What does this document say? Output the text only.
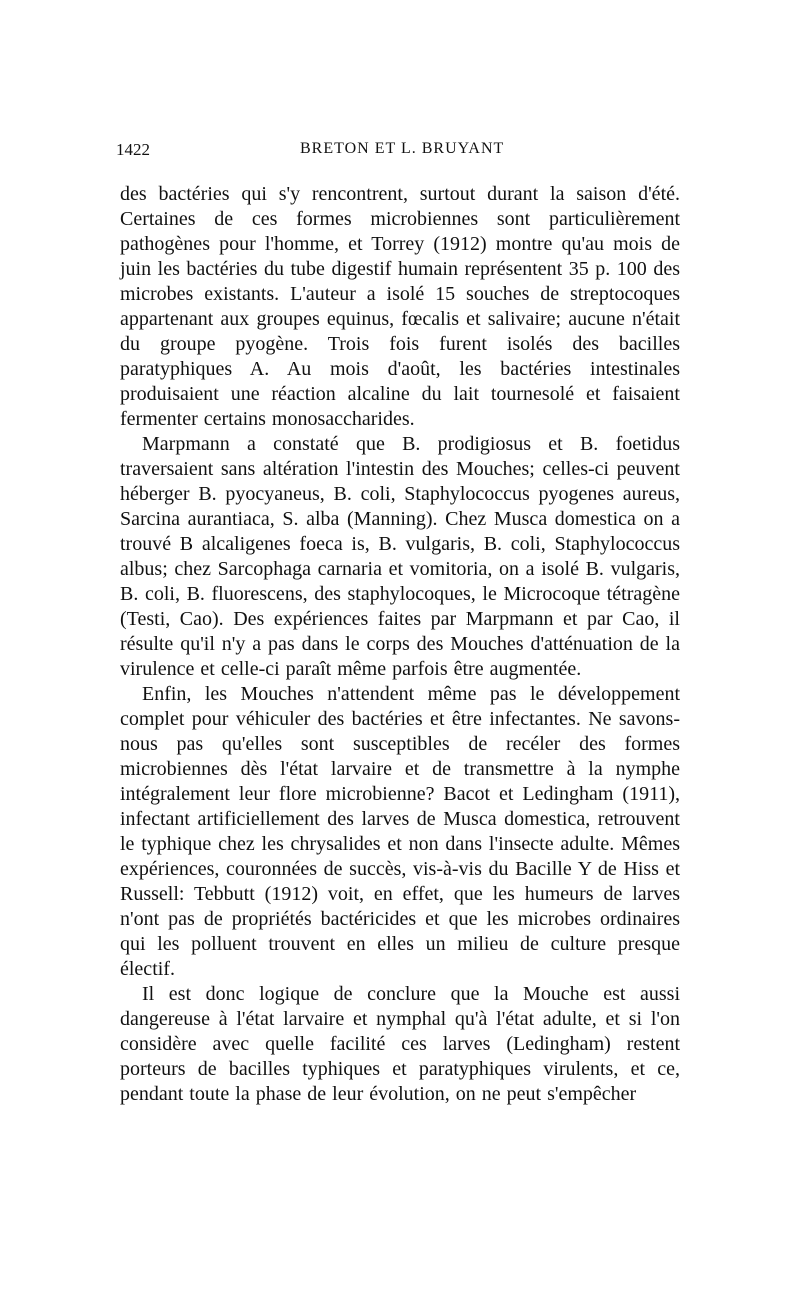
1422	BRETON ET L. BRUYANT

des bactéries qui s'y rencontrent, surtout durant la saison d'été. Certaines de ces formes microbiennes sont particulièrement pathogènes pour l'homme, et Torrey (1912) montre qu'au mois de juin les bactéries du tube digestif humain représentent 35 p. 100 des microbes existants. L'auteur a isolé 15 souches de streptocoques appartenant aux groupes equinus, fœcalis et salivaire; aucune n'était du groupe pyogène. Trois fois furent isolés des bacilles paratyphiques A. Au mois d'août, les bactéries intestinales produisaient une réaction alcaline du lait tournesolé et faisaient fermenter certains monosaccharides.

Marpmann a constaté que B. prodigiosus et B. foetidus traversaient sans altération l'intestin des Mouches; celles-ci peuvent héberger B. pyocyaneus, B. coli, Staphylococcus pyogenes aureus, Sarcina aurantiaca, S. alba (Manning). Chez Musca domestica on a trouvé B alcaligenes foeca is, B. vulgaris, B. coli, Staphylococcus albus; chez Sarcophaga carnaria et vomitoria, on a isolé B. vulgaris, B. coli, B. fluorescens, des staphylocoques, le Microcoque tétragène (Testi, Cao). Des expériences faites par Marpmann et par Cao, il résulte qu'il n'y a pas dans le corps des Mouches d'atténuation de la virulence et celle-ci paraît même parfois être augmentée.

Enfin, les Mouches n'attendent même pas le développement complet pour véhiculer des bactéries et être infectantes. Ne savons-nous pas qu'elles sont susceptibles de recéler des formes microbiennes dès l'état larvaire et de transmettre à la nymphe intégralement leur flore microbienne? Bacot et Ledingham (1911), infectant artificiellement des larves de Musca domestica, retrouvent le typhique chez les chrysalides et non dans l'insecte adulte. Mêmes expériences, couronnées de succès, vis-à-vis du Bacille Y de Hiss et Russell: Tebbutt (1912) voit, en effet, que les humeurs de larves n'ont pas de propriétés bactéricides et que les microbes ordinaires qui les polluent trouvent en elles un milieu de culture presque électif.

Il est donc logique de conclure que la Mouche est aussi dangereuse à l'état larvaire et nymphal qu'à l'état adulte, et si l'on considère avec quelle facilité ces larves (Ledingham) restent porteurs de bacilles typhiques et paratyphiques virulents, et ce, pendant toute la phase de leur évolution, on ne peut s'empêcher
